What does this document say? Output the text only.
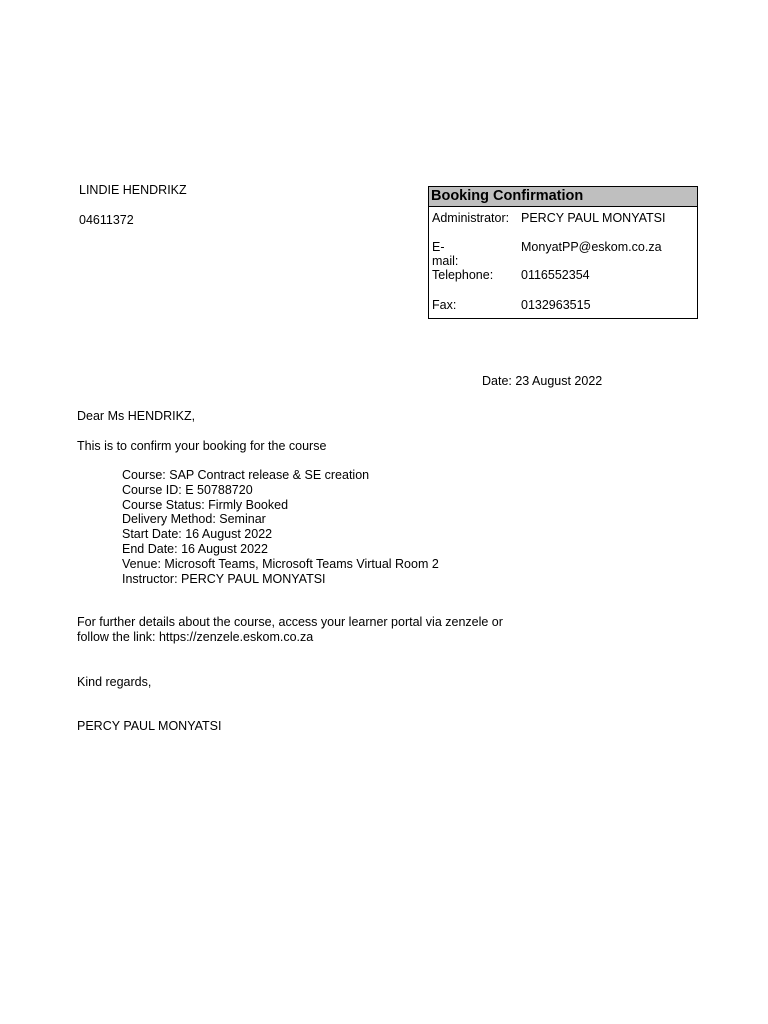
LINDIE HENDRIKZ
04611372
Booking Confirmation
Administrator: PERCY PAUL MONYATSI
E-mail:
MonyatPP@eskom.co.za
Telephone: 0116552354
Fax:	0132963515
Date: 23 August 2022
Dear Ms HENDRIKZ,
This is to confirm your booking for the course
Course: SAP Contract release & SE creation
Course ID: E 50788720
Course Status: Firmly Booked
Delivery Method: Seminar
Start Date: 16 August 2022
End Date: 16 August 2022
Venue: Microsoft Teams, Microsoft Teams Virtual Room 2
Instructor: PERCY PAUL MONYATSI
For further details about the course, access your learner portal via zenzele or
follow the link: https://zenzele.eskom.co.za
Kind regards,
PERCY PAUL MONYATSI
